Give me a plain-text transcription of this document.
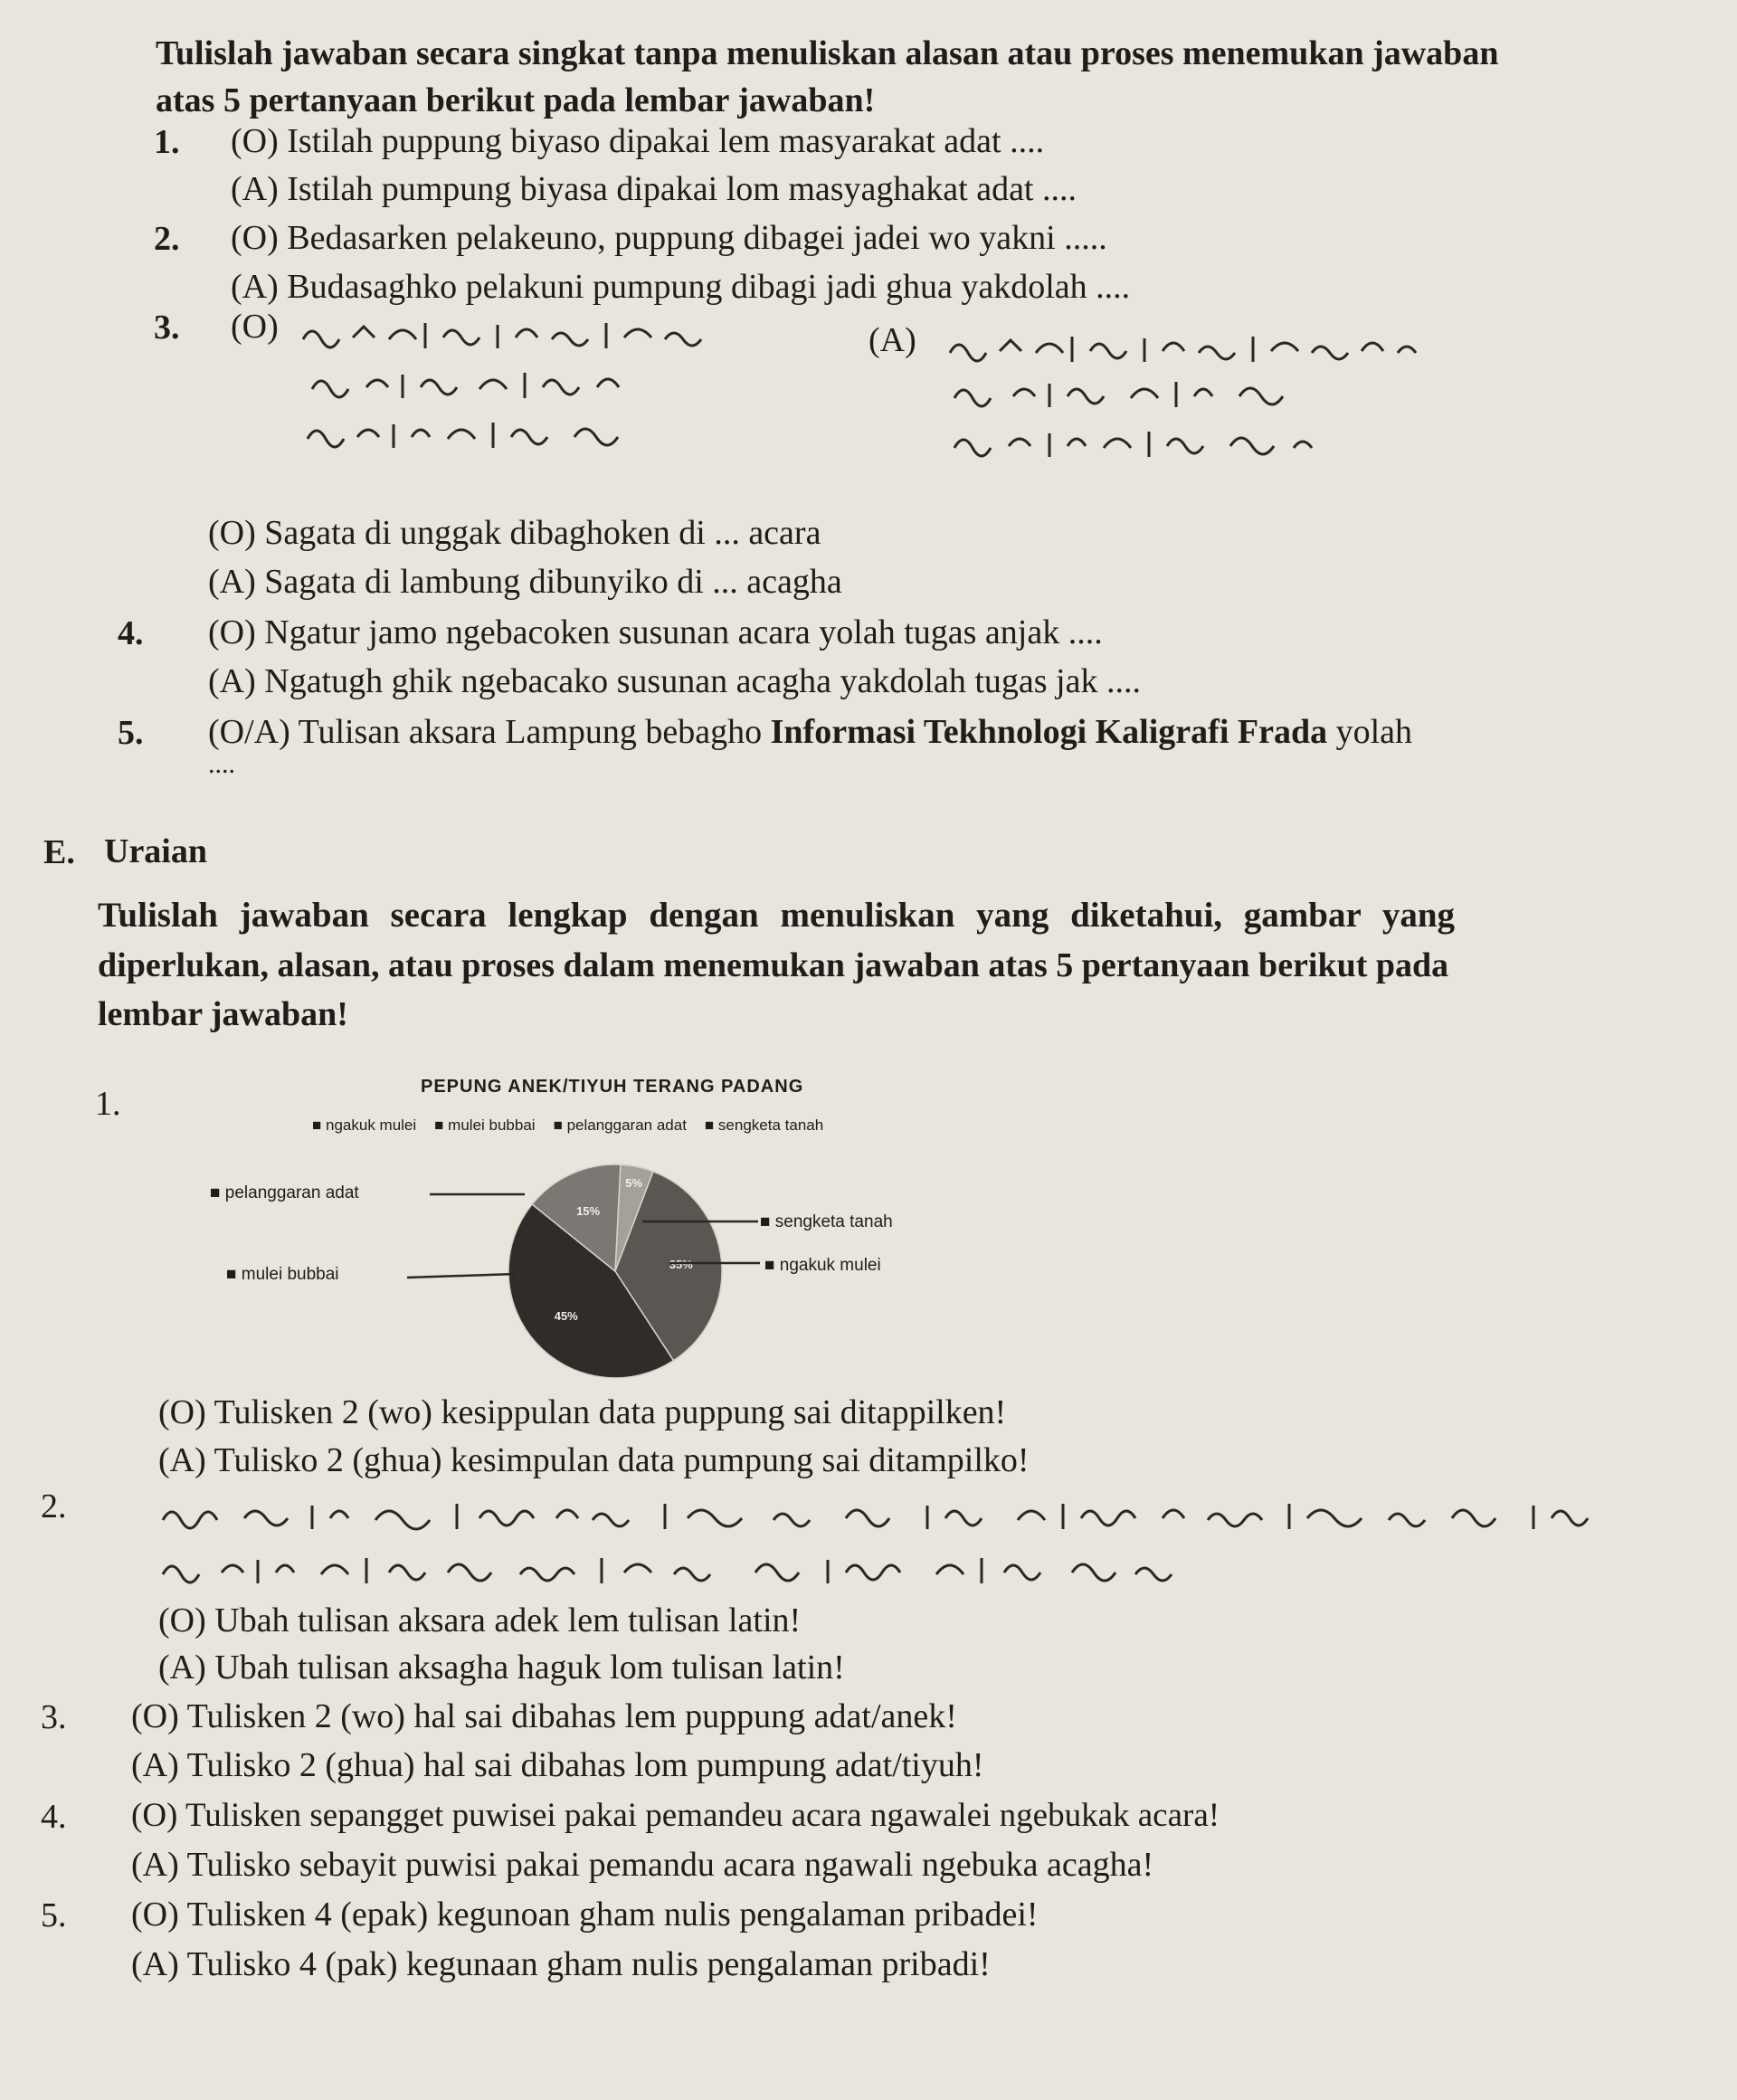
Tulislah jawaban secara singkat tanpa menuliskan alasan atau proses menemukan jawaban
atas 5 pertanyaan berikut pada lembar jawaban!
1. (O) Istilah puppung biyaso dipakai lem masyarakat adat ....
(A) Istilah pumpung biyasa dipakai lom masyaghakat adat ....
2. (O) Bedasarken pelakeuno, puppung dibagei jadei wo yakni .....
(A) Budasaghko pelakuni pumpung dibagi jadi ghua yakdolah ....
3. (O)	(A)
(O) Sagata di unggak dibaghoken di ... acara
(A) Sagata di lambung dibunyiko di ... acagha
4. (O) Ngatur jamo ngebacoken susunan acara yolah tugas anjak ....
(A) Ngatugh ghik ngebacako susunan acagha yakdolah tugas jak ....
5. (O/A) Tulisan aksara Lampung bebagho Informasi Tekhnologi Kaligrafi Frada yolah
....
E. Uraian
Tulislah jawaban secara lengkap dengan menuliskan yang diketahui, gambar yang
diperlukan, alasan, atau proses dalam menemukan jawaban atas 5 pertanyaan berikut pada
lembar jawaban!
1.	PEPUNG ANEK/TIYUH TERANG PADANG
■ ngakuk mulei	■ mulei bubbai	■ pelanggaran adat	■ sengketa tanah
5%
35%
45%
15%
■ pelanggaran adat
■ sengketa tanah
■ mulei bubbai	■ ngakuk mulei
(O) Tulisken 2 (wo) kesippulan data puppung sai ditappilken!
(A) Tulisko 2 (ghua) kesimpulan data pumpung sai ditampilko!
2.
(O) Ubah tulisan aksara adek lem tulisan latin!
(A) Ubah tulisan aksagha haguk lom tulisan latin!
3. (O) Tulisken 2 (wo) hal sai dibahas lem puppung adat/anek!
(A) Tulisko 2 (ghua) hal sai dibahas lom pumpung adat/tiyuh!
4. (O) Tulisken sepangget puwisei pakai pemandeu acara ngawalei ngebukak acara!
(A) Tulisko sebayit puwisi pakai pemandu acara ngawali ngebuka acagha!
5. (O) Tulisken 4 (epak) kegunoan gham nulis pengalaman pribadei!
(A) Tulisko 4 (pak) kegunaan gham nulis pengalaman pribadi!
